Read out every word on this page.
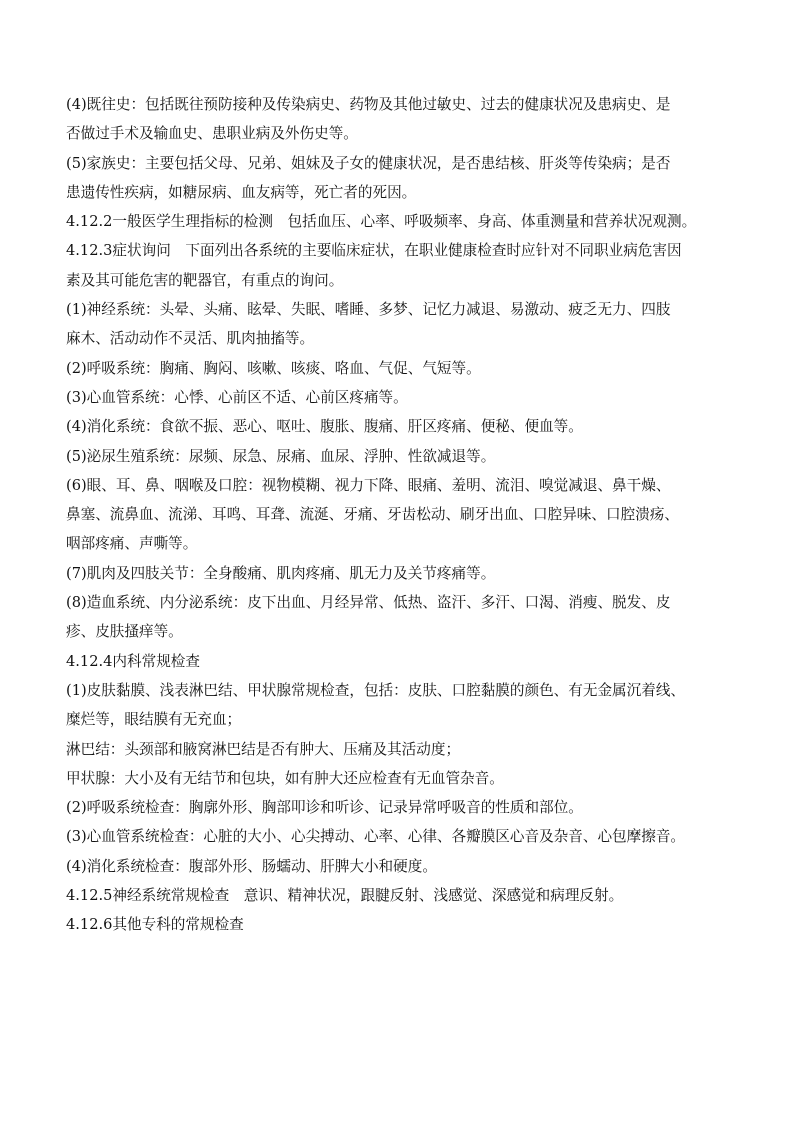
(4)既往史：包括既往预防接种及传染病史、药物及其他过敏史、过去的健康状况及患病史、是
否做过手术及输血史、患职业病及外伤史等。
(5)家族史：主要包括父母、兄弟、姐妹及子女的健康状况，是否患结核、肝炎等传染病；是否
患遗传性疾病，如糖尿病、血友病等，死亡者的死因。
4.12.2一般医学生理指标的检测　包括血压、心率、呼吸频率、身高、体重测量和营养状况观测。
4.12.3症状询问　下面列出各系统的主要临床症状，在职业健康检查时应针对不同职业病危害因
素及其可能危害的靶器官，有重点的询问。
(1)神经系统：头晕、头痛、眩晕、失眠、嗜睡、多梦、记忆力减退、易激动、疲乏无力、四肢
麻木、活动动作不灵活、肌肉抽搐等。
(2)呼吸系统：胸痛、胸闷、咳嗽、咳痰、咯血、气促、气短等。
(3)心血管系统：心悸、心前区不适、心前区疼痛等。
(4)消化系统：食欲不振、恶心、呕吐、腹胀、腹痛、肝区疼痛、便秘、便血等。
(5)泌尿生殖系统：尿频、尿急、尿痛、血尿、浮肿、性欲减退等。
(6)眼、耳、鼻、咽喉及口腔：视物模糊、视力下降、眼痛、羞明、流泪、嗅觉减退、鼻干燥、
鼻塞、流鼻血、流涕、耳鸣、耳聋、流涎、牙痛、牙齿松动、刷牙出血、口腔异味、口腔溃疡、
咽部疼痛、声嘶等。
(7)肌肉及四肢关节：全身酸痛、肌肉疼痛、肌无力及关节疼痛等。
(8)造血系统、内分泌系统：皮下出血、月经异常、低热、盗汗、多汗、口渴、消瘦、脱发、皮
疹、皮肤搔痒等。
4.12.4内科常规检查
(1)皮肤黏膜、浅表淋巴结、甲状腺常规检查，包括：皮肤、口腔黏膜的颜色、有无金属沉着线、
糜烂等，眼结膜有无充血；
淋巴结：头颈部和腋窝淋巴结是否有肿大、压痛及其活动度；
甲状腺：大小及有无结节和包块，如有肿大还应检查有无血管杂音。
(2)呼吸系统检查：胸廓外形、胸部叩诊和听诊、记录异常呼吸音的性质和部位。
(3)心血管系统检查：心脏的大小、心尖搏动、心率、心律、各瓣膜区心音及杂音、心包摩擦音。
(4)消化系统检查：腹部外形、肠蠕动、肝脾大小和硬度。
4.12.5神经系统常规检查　意识、精神状况，跟腱反射、浅感觉、深感觉和病理反射。
4.12.6其他专科的常规检查
